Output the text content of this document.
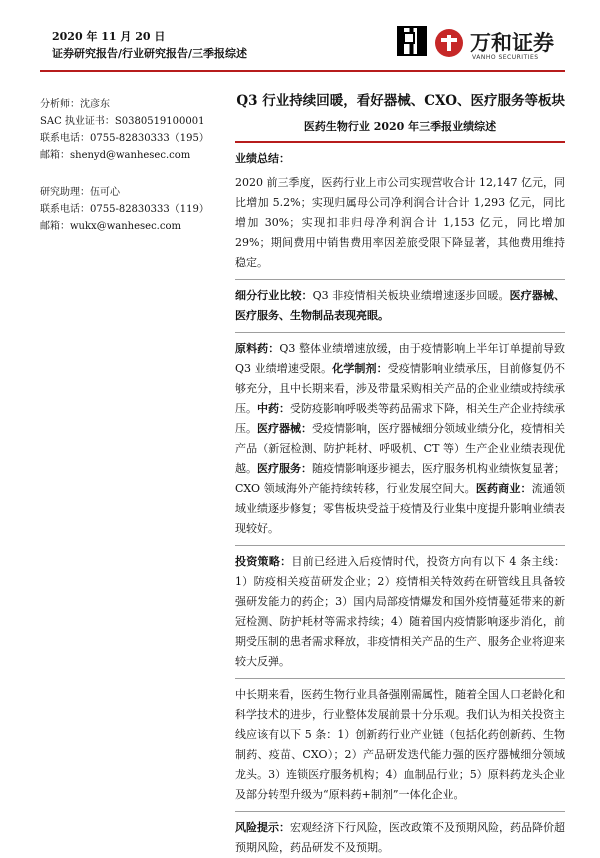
2020 年 11 月 20 日
证券研究报告/行业研究报告/三季报综述	万和证券
VANHO SECURITIES
分析师：沈彦东
SAC 执业证书：S0380519100001
联系电话：0755-82830333（195）
邮箱：shenyd@wanhesec.com
研究助理：伍可心
联系电话：0755-82830333（119）
邮箱：wukx@wanhesec.com
Q3 行业持续回暖，看好器械、CXO、医疗服务等板块
医药生物行业 2020 年三季报业绩综述
业绩总结：

2020 前三季度，医药行业上市公司实现营收合计 12,147 亿元，同比增加 5.2%；实现归属母公司净利润合计合计 1,293 亿元，同比增加 30%；实现扣非归母净利润合计 1,153 亿元，同比增加 29%；期间费用中销售费用率因差旅受限下降显著，其他费用维持稳定。

细分行业比较：Q3 非疫情相关板块业绩增速逐步回暖。医疗器械、医疗服务、生物制品表现亮眼。

原料药：Q3 整体业绩增速放缓，由于疫情影响上半年订单提前导致 Q3 业绩增速受限。化学制剂：受疫情影响业绩承压，目前修复仍不够充分，且中长期来看，涉及带量采购相关产品的企业业绩或持续承压。中药：受防疫影响呼吸类等药品需求下降，相关生产企业持续承压。医疗器械：受疫情影响，医疗器械细分领域业绩分化，疫情相关产品（新冠检测、防护耗材、呼吸机、CT 等）生产企业业绩表现优越。医疗服务：随疫情影响逐步褪去，医疗服务机构业绩恢复显著；CXO 领域海外产能持续转移，行业发展空间大。医药商业：流通领域业绩逐步修复；零售板块受益于疫情及行业集中度提升影响业绩表现较好。

投资策略：目前已经进入后疫情时代，投资方向有以下 4 条主线：1）防疫相关疫苗研发企业；2）疫情相关特效药在研管线且具备较强研发能力的药企；3）国内局部疫情爆发和国外疫情蔓延带来的新冠检测、防护耗材等需求持续；4）随着国内疫情影响逐步消化，前期受压制的患者需求释放，非疫情相关产品的生产、服务企业将迎来较大反弹。

中长期来看，医药生物行业具备强刚需属性，随着全国人口老龄化和科学技术的进步，行业整体发展前景十分乐观。我们认为相关投资主线应该有以下 5 条：1）创新药行业产业链（包括化药创新药、生物制药、疫苗、CXO）；2）产品研发迭代能力强的医疗器械细分领域龙头。3）连锁医疗服务机构；4）血制品行业；5）原料药龙头企业及部分转型升级为“原料药+制剂”一体化企业。

风险提示：宏观经济下行风险，医改政策不及预期风险，药品降价超预期风险，药品研发不及预期。
